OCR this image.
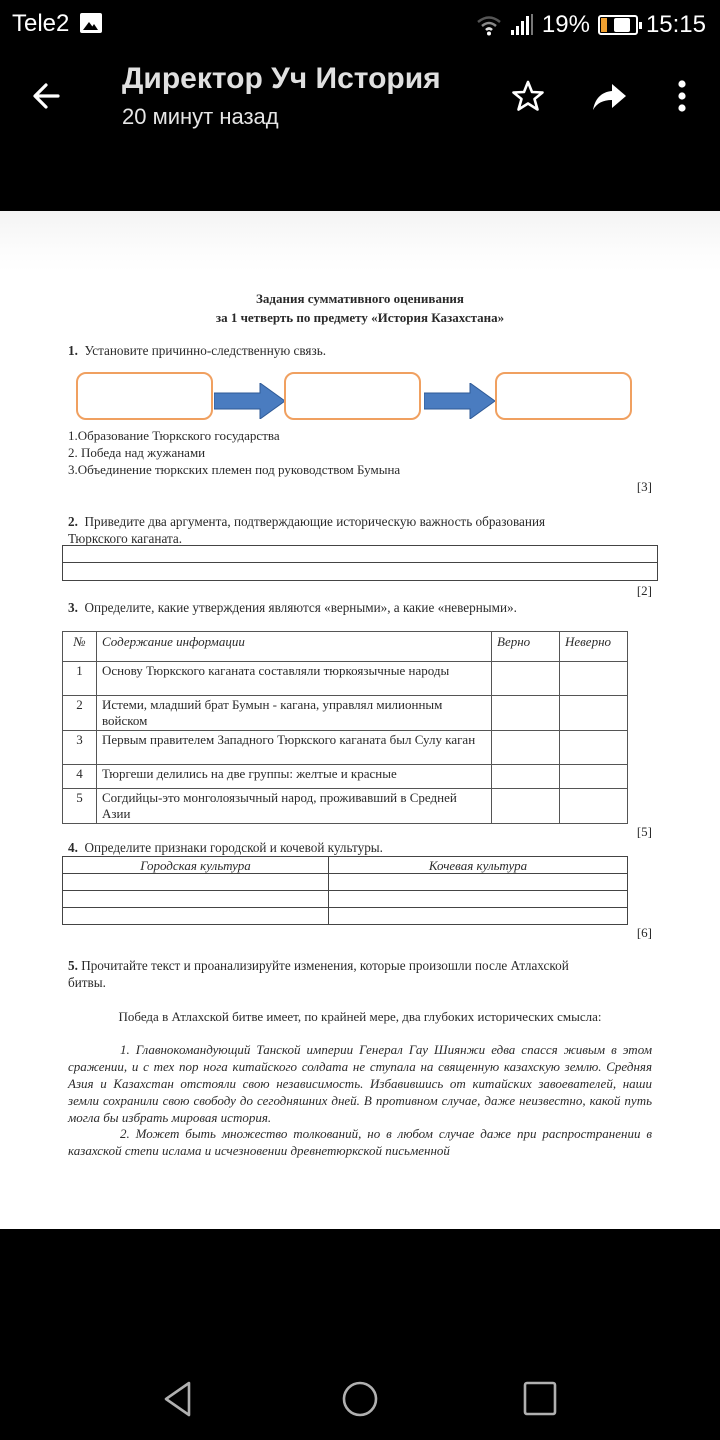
Tele2	19% 15:15
Директор Уч История
20 минут назад
Задания суммативного оценивания
за 1 четверть по предмету «История Казахстана»
1. Установите причинно-следственную связь.
1.Образование Тюркского государства
2. Победа над жужанами
3.Объединение тюркских племен под руководством Бумына
[3]
2. Приведите два аргумента, подтверждающие историческую важность образования
Тюркского каганата.
[2]
3. Определите, какие утверждения являются «верными», а какие «неверными».
№	Содержание информации	Верно	Неверно
1	Основу Тюркского каганата составляли тюркоязычные народы		
2	Истеми, младший брат Бумын - кагана, управлял милионным войском		
3	Первым правителем Западного Тюркского каганата был Сулу каган		
4	Тюргеши делились на две группы: желтые и красные		
5	Согдийцы-это монголоязычный народ, проживавший в Средней Азии		
[5]
4. Определите признаки городской и кочевой культуры.
Городская культура	Кочевая культура

[6]
5. Прочитайте текст и проанализируйте изменения, которые произошли после Атлахской
битвы.
Победа в Атлахской битве имеет, по крайней мере, два глубоких исторических смысла:
1. Главнокомандующий Танской империи Генерал Гау Шиянжи едва спасся живым в этом сражении, и с тех пор нога китайского солдата не ступала на священную казахскую землю. Средняя Азия и Казахстан отстояли свою независимость. Избавившись от китайских завоевателей, наши земли сохранили свою свободу до сегодняшних дней. В противном случае, даже неизвестно, какой путь могла бы избрать мировая история.
2. Может быть множество толкований, но в любом случае даже при распространении в казахской степи ислама и исчезновении древнетюркской письменной
